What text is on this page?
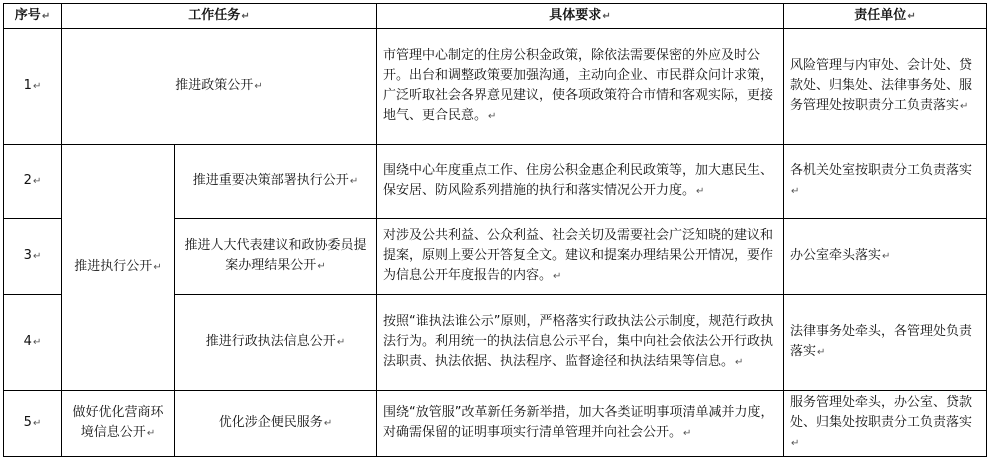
序号↵	工作任务↵		具体要求↵	责任单位↵
1↵	推进政策公开↵		市管理中心制定的住房公积金政策，除依法需要保密的外应及时公开。出台和调整政策要加强沟通，主动向企业、市民群众问计求策，广泛听取社会各界意见建议，使各项政策符合市情和客观实际，更接地气、更合民意。↵	风险管理与内审处、会计处、贷款处、归集处、法律事务处、服务管理处按职责分工负责落实↵
2↵	推进执行公开↵	推进重要决策部署执行公开↵	围绕中心年度重点工作、住房公积金惠企利民政策等，加大惠民生、保安居、防风险系列措施的执行和落实情况公开力度。↵	各机关处室按职责分工负责落实↵
3↵		推进人大代表建议和政协委员提案办理结果公开↵	对涉及公共利益、公众利益、社会关切及需要社会广泛知晓的建议和提案，原则上要公开答复全文。建议和提案办理结果公开情况，要作为信息公开年度报告的内容。↵	办公室牵头落实↵
4↵		推进行政执法信息公开↵	按照“谁执法谁公示”原则，严格落实行政执法公示制度，规范行政执法行为。利用统一的执法信息公示平台，集中向社会依法公开行政执法职责、执法依据、执法程序、监督途径和执法结果等信息。↵	法律事务处牵头，各管理处负责落实↵
5↵	做好优化营商环境信息公开↵	优化涉企便民服务↵	围绕“放管服”改革新任务新举措，加大各类证明事项清单减并力度，对确需保留的证明事项实行清单管理并向社会公开。↵	服务管理处牵头，办公室、贷款处、归集处按职责分工负责落实↵
